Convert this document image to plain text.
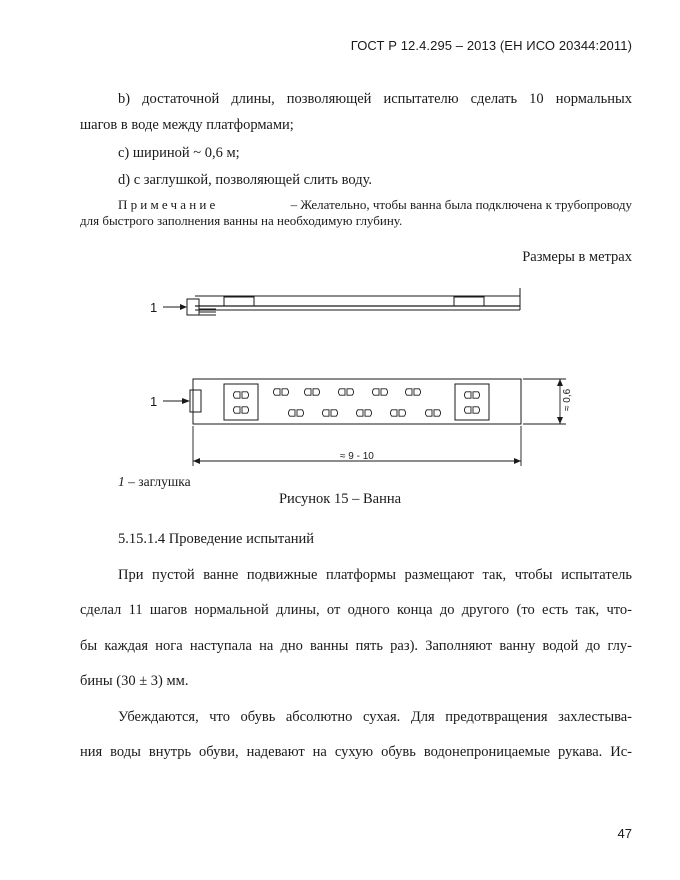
ГОСТ Р 12.4.295 – 2013 (ЕН ИСО 20344:2011)
b) достаточной длины, позволяющей испытателю сделать 10 нормальных
шагов в воде между платформами;
с) шириной ~ 0,6 м;
d) с заглушкой, позволяющей слить воду.
Примечание	– Желательно, чтобы ванна была подключена к трубопроводу
для быстрого заполнения ванны на необходимую глубину.
Размеры в метрах
1
1	≈ 0,6
≈ 9 - 10
1 – заглушка
Рисунок 15 – Ванна
5.15.1.4 Проведение испытаний
При пустой ванне подвижные платформы размещают так, чтобы испытатель
сделал 11 шагов нормальной длины, от одного конца до другого (то есть так, что-
бы каждая нога наступала на дно ванны пять раз). Заполняют ванну водой до глу-
бины (30 ± 3) мм.
Убеждаются, что обувь абсолютно сухая. Для предотвращения захлестыва-
ния воды внутрь обуви, надевают на сухую обувь водонепроницаемые рукава. Ис-
47
